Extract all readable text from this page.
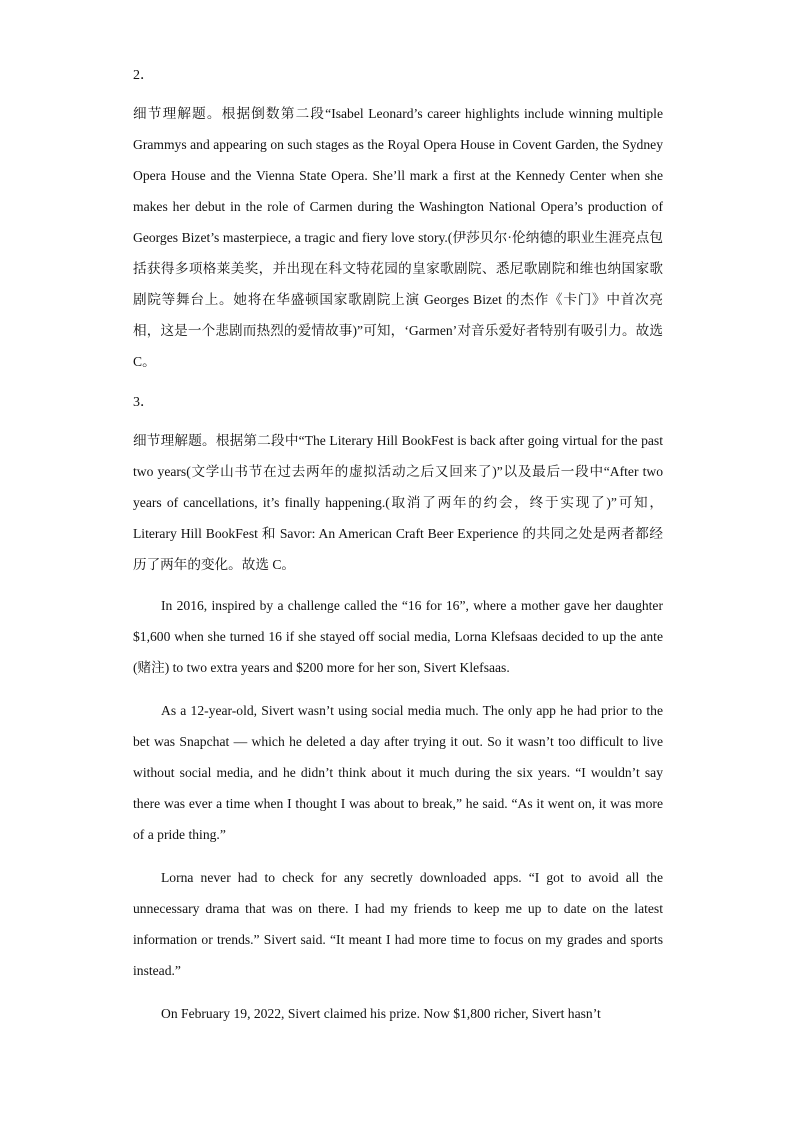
2．
细节理解题。根据倒数第二段“Isabel Leonard’s career highlights include winning multiple Grammys and appearing on such stages as the Royal Opera House in Covent Garden, the Sydney Opera House and the Vienna State Opera. She’ll mark a first at the Kennedy Center when she makes her debut in the role of Carmen during the Washington National Opera’s production of Georges Bizet’s masterpiece, a tragic and fiery love story.(伊莎贝尔·伦纳德的职业生涯亮点包括获得多项格莱美奖，并出现在科文特花园的皇家歌剧院、悉尼歌剧院和维也纳国家歌剧院等舞台上。她将在华盛顿国家歌剧院上演 Georges Bizet 的杰作《卡门》中首次亮相，这是一个悲剧而热烈的爱情故事)”可知，‘Garmen’对音乐爱好者特别有吸引力。故选 C。
3．
细节理解题。根据第二段中“The Literary Hill BookFest is back after going virtual for the past two years(文学山书节在过去两年的虚拟活动之后又回来了)”以及最后一段中“After two years of cancellations, it’s finally happening.(取消了两年的约会，终于实现了)”可知，Literary Hill BookFest 和 Savor: An American Craft Beer Experience 的共同之处是两者都经历了两年的变化。故选 C。
In 2016, inspired by a challenge called the “16 for 16”, where a mother gave her daughter $1,600 when she turned 16 if she stayed off social media, Lorna Klefsaas decided to up the ante (赌注) to two extra years and $200 more for her son, Sivert Klefsaas.
As a 12-year-old, Sivert wasn’t using social media much. The only app he had prior to the bet was Snapchat — which he deleted a day after trying it out. So it wasn’t too difficult to live without social media, and he didn’t think about it much during the six years. “I wouldn’t say there was ever a time when I thought I was about to break,” he said. “As it went on, it was more of a pride thing.”
Lorna never had to check for any secretly downloaded apps. “I got to avoid all the unnecessary drama that was on there. I had my friends to keep me up to date on the latest information or trends.” Sivert said. “It meant I had more time to focus on my grades and sports instead.”
On February 19, 2022, Sivert claimed his prize. Now $1,800 richer, Sivert hasn’t
